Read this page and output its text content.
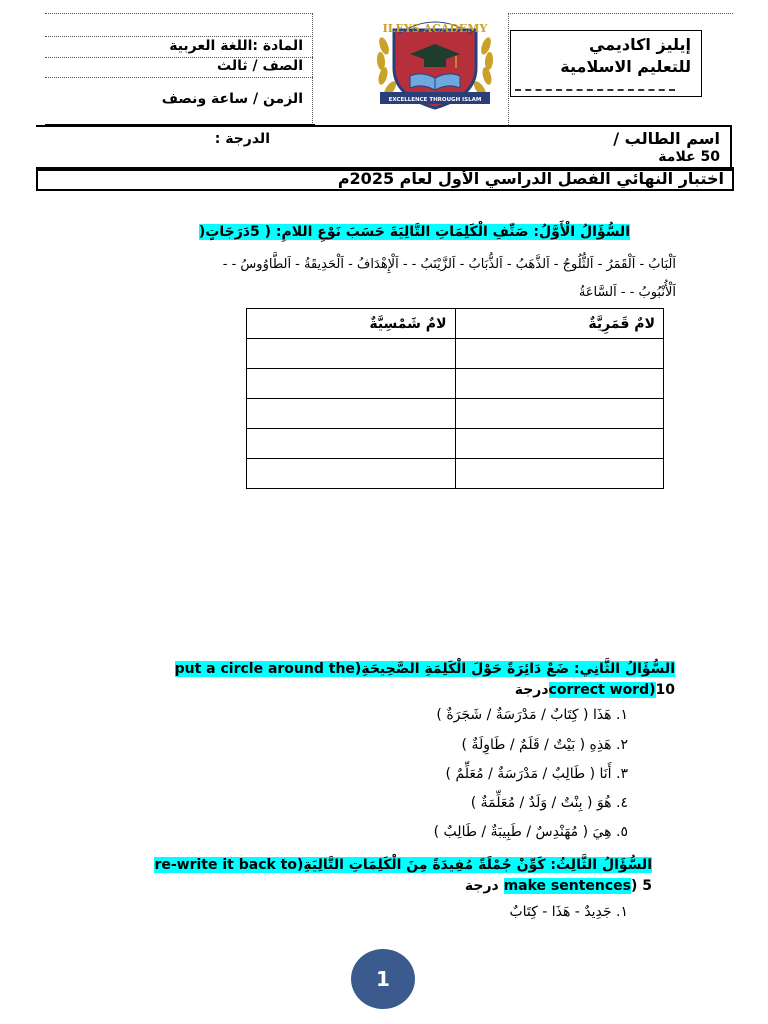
المادة :اللغة العربية
الصف / ثالث
الزمن / ساعة ونصف
ILEYS ACADEMY
EXCELLENCE THROUGH ISLAM
إيليز اكاديمي
للتعليم الاسلامية
اسم الطالب /
50 علامة
الدرجة :
اختبار النهائي الفصل الدراسي الأول لعام 2025م
السُّؤَالُ الْأَوَّلُ: صَنِّفِ الْكَلِمَاتِ التَّالِيَةَ حَسَبَ نَوْعِ اللامِ: ( 5دَرَجَاتٍ(
اَلْبَابُ - اَلْقَمَرُ - اَلثُّلُوجُ - اَلذَّهَبُ - اَلذُّبَابُ - اَلزَّيْنَبُ - - اَلْإِهْدَافُ - اَلْحَدِيقَةُ - اَلطَّاوُوسُ - -
اَلْأُنْبُوبُ - - اَلسَّاعَةُ
لامٌ شَمْسِيَّةٌ	لامٌ قَمَرِيَّةٌ

السُّؤَالُ الثَّانِي: ضَعْ دَائِرَةً حَوْلَ الْكَلِمَةِ الصَّحِيحَةِ(put a circle around the
correct word)10درجة
١. هَذَا ( كِتَابٌ / مَدْرَسَةٌ / شَجَرَةٌ )
٢. هَذِهِ ( بَيْتٌ / قَلَمٌ / طَاوِلَةٌ )
٣. أَنَا ( طَالِبٌ / مَدْرَسَةٌ / مُعَلِّمٌ )
٤. هُوَ ( بِنْتٌ / وَلَدٌ / مُعَلِّمَةٌ )
٥. هِيَ ( مُهَنْدِسٌ / طَبِيبَةٌ / طَالِبٌ )
السُّؤَالُ الثَّالِثُ: كَوِّنْ جُمْلَةً مُفِيدَةً مِنَ الْكَلِمَاتِ التَّالِيَةِ(re-write it back to
make sentences) 5 درجة
١. جَدِيدٌ - هَذَا - كِتَابٌ
1
